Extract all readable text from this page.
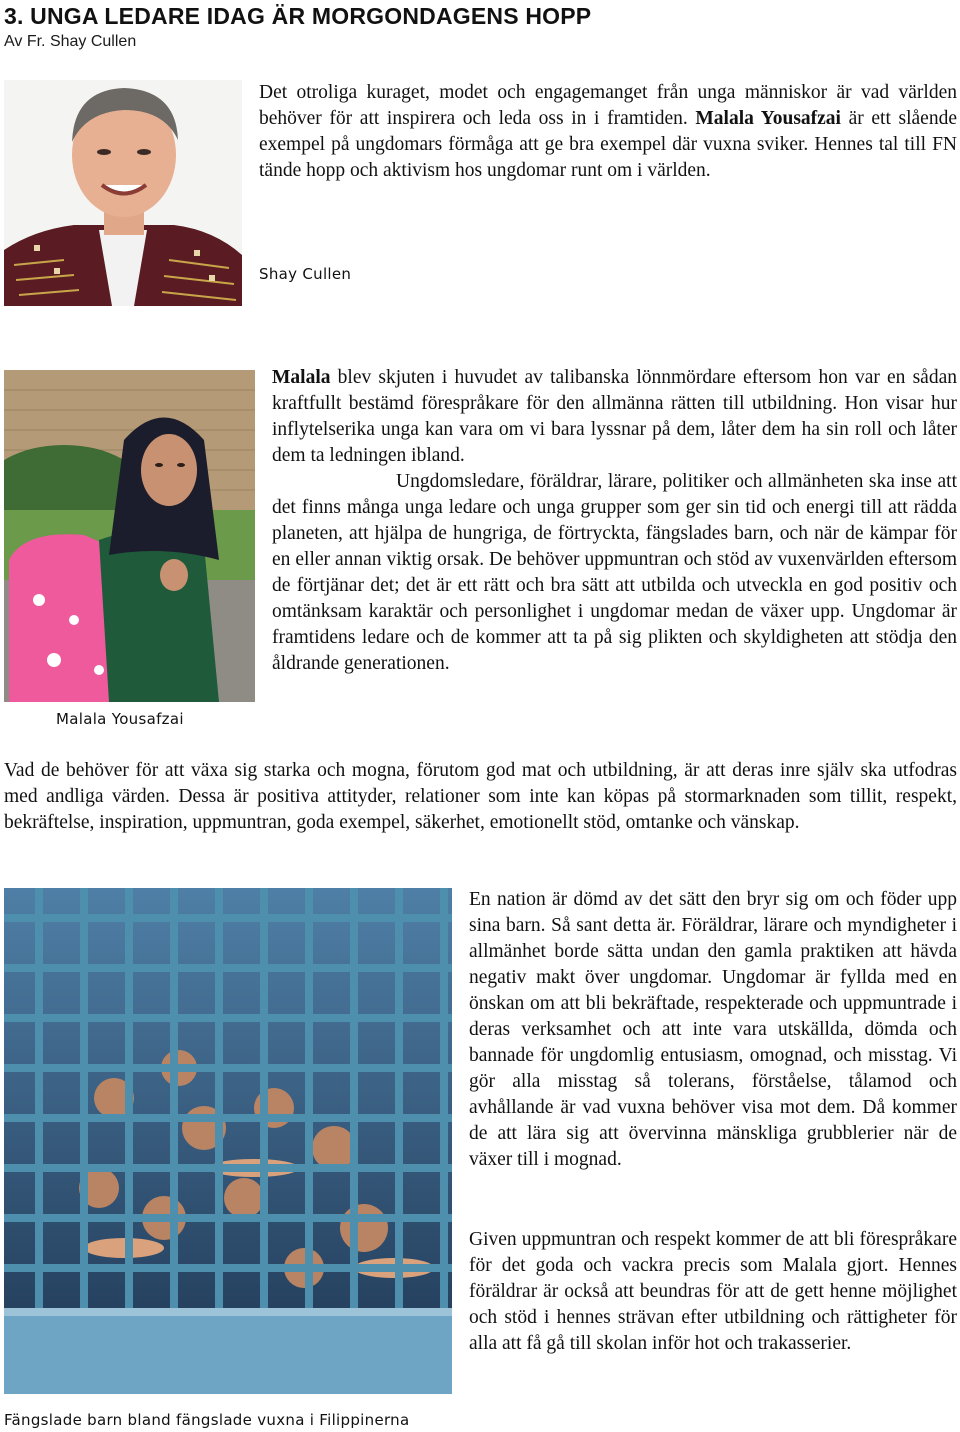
3. UNGA LEDARE IDAG ÄR MORGONDAGENS HOPP
Av Fr. Shay Cullen

Det otroliga kuraget, modet och engagemanget från unga människor är vad världen behöver för att inspirera och leda oss in i framtiden. Malala Yousafzai är ett slående exempel på ungdomars förmåga att ge bra exempel där vuxna sviker. Hennes tal till FN tände hopp och aktivism hos ungdomar runt om i världen.

Shay Cullen
Malala Yousafzai

Malala blev skjuten i huvudet av talibanska lönnmördare eftersom hon var en sådan kraftfullt bestämd förespråkare för den allmänna rätten till utbildning. Hon visar hur inflytelserika unga kan vara om vi bara lyssnar på dem, låter dem ha sin roll och låter dem ta ledningen ibland.

Ungdomsledare, föräldrar, lärare, politiker och allmänheten ska inse att det finns många unga ledare och unga grupper som ger sin tid och energi till att rädda planeten, att hjälpa de hungriga, de förtryckta, fängslades barn, och när de kämpar för en eller annan viktig orsak. De behöver uppmuntran och stöd av vuxenvärlden eftersom de förtjänar det; det är ett rätt och bra sätt att utbilda och utveckla en god positiv och omtänksam karaktär och personlighet i ungdomar medan de växer upp. Ungdomar är framtidens ledare och de kommer att ta på sig plikten och skyldigheten att stödja den åldrande generationen.

Vad de behöver för att växa sig starka och mogna, förutom god mat och utbildning, är att deras inre själv ska utfodras med andliga värden. Dessa är positiva attityder, relationer som inte kan köpas på stormarknaden som tillit, respekt, bekräftelse, inspiration, uppmuntran, goda exempel, säkerhet, emotionellt stöd, omtanke och vänskap.

Fängslade barn bland fängslade vuxna i Filippinerna

En nation är dömd av det sätt den bryr sig om och föder upp sina barn. Så sant detta är. Föräldrar, lärare och myndigheter i allmänhet borde sätta undan den gamla praktiken att hävda negativ makt över ungdomar. Ungdomar är fyllda med en önskan om att bli bekräftade, respekterade och uppmuntrade i deras verksamhet och att inte vara utskällda, dömda och bannade för ungdomlig entusiasm, omognad, och misstag. Vi gör alla misstag så tolerans, förståelse, tålamod och avhållande är vad vuxna behöver visa mot dem. Då kommer de att lära sig att övervinna mänskliga grubblerier när de växer till i mognad.

Given uppmuntran och respekt kommer de att bli förespråkare för det goda och vackra precis som Malala gjort. Hennes föräldrar är också att beundras för att de gett henne möjlighet och stöd i hennes strävan efter utbildning och rättigheter för alla att få gå till skolan inför hot och trakasserier.
